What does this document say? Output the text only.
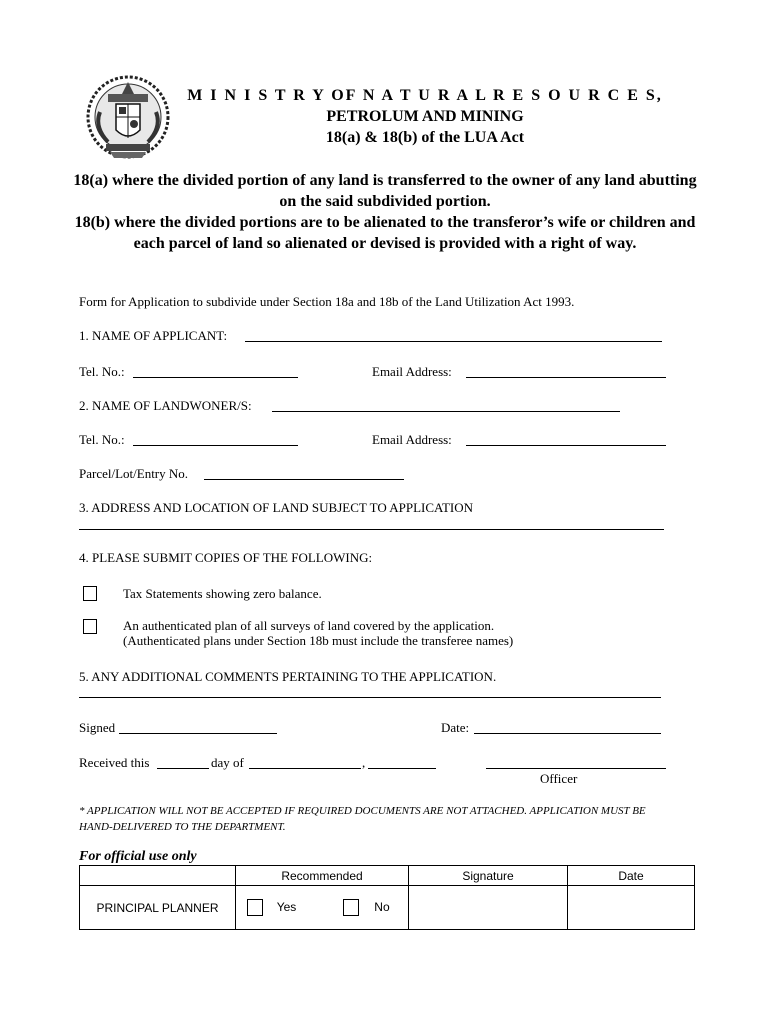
M I N I S T R Y OF N A T U R A L R E S O U R C E S,
PETROLUM AND MINING
18(a) & 18(b) of the LUA Act
18(a) where the divided portion of any land is transferred to the owner of any land abutting on the said subdivided portion.
18(b) where the divided portions are to be alienated to the transferor’s wife or children and each parcel of land so alienated or devised is provided with a right of way.
Form for Application to subdivide under Section 18a and 18b of the Land Utilization Act 1993.
1. NAME OF APPLICANT:
Tel. No.:	Email Address:
2. NAME OF LANDWONER/S:
Tel. No.:	Email Address:
Parcel/Lot/Entry No.
3. ADDRESS AND LOCATION OF LAND SUBJECT TO APPLICATION
4. PLEASE SUBMIT COPIES OF THE FOLLOWING:
Tax Statements showing zero balance.
An authenticated plan of all surveys of land covered by the application.
(Authenticated plans under Section 18b must include the transferee names)
5. ANY ADDITIONAL COMMENTS PERTAINING TO THE APPLICATION.
Signed	Date:
Received this	day of	,
Officer
* APPLICATION WILL NOT BE ACCEPTED IF REQUIRED DOCUMENTS ARE NOT ATTACHED. APPLICATION MUST BE HAND-DELIVERED TO THE DEPARTMENT.
For official use only
	Recommended	Signature	Date
PRINCIPAL PLANNER	Yes No		
